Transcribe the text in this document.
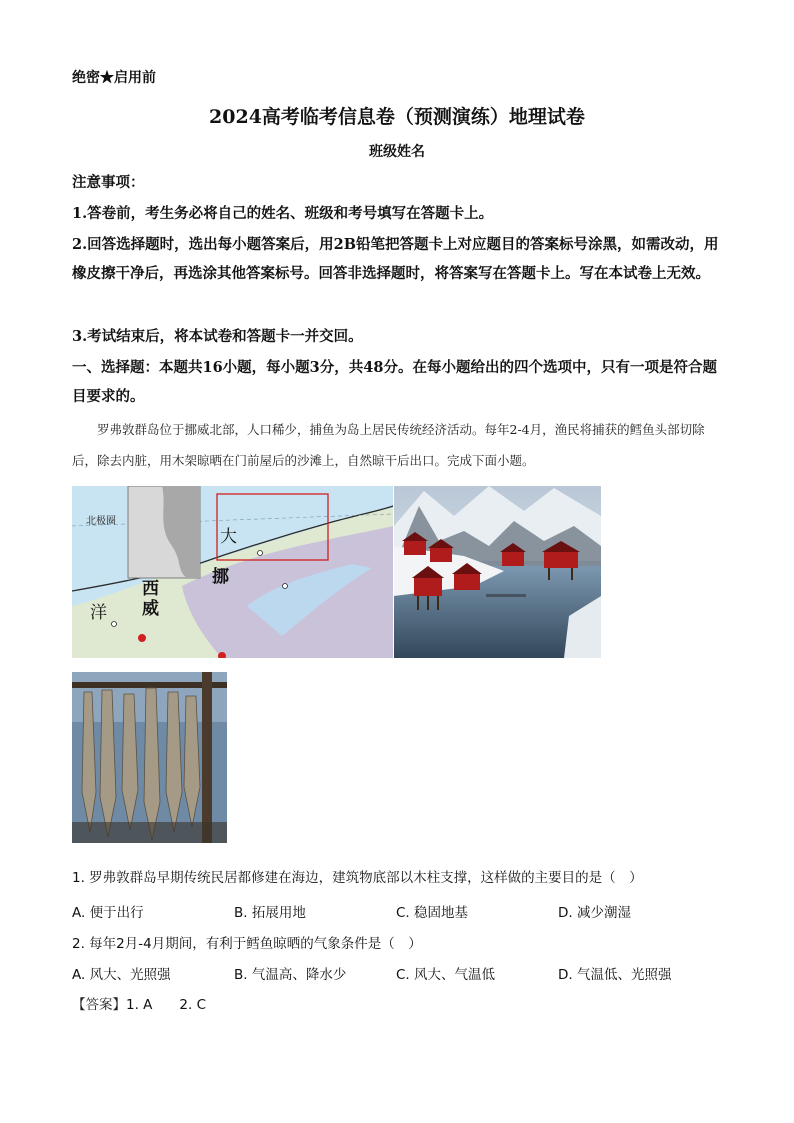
绝密★启用前
2024高考临考信息卷（预测演练）地理试卷
班级姓名
注意事项：
1.答卷前，考生务必将自己的姓名、班级和考号填写在答题卡上。
2.回答选择题时，选出每小题答案后，用2B铅笔把答题卡上对应题目的答案标号涂黑，如需改动，用橡皮擦干净后，再选涂其他答案标号。回答非选择题时，将答案写在答题卡上。写在本试卷上无效。
3.考试结束后，将本试卷和答题卡一并交回。
一、选择题：本题共16小题，每小题3分，共48分。在每小题给出的四个选项中，只有一项是符合题目要求的。
罗弗敦群岛位于挪威北部，人口稀少，捕鱼为岛上居民传统经济活动。每年2-4月，渔民将捕获的鳕鱼头部切除后，除去内脏，用木架晾晒在门前屋后的沙滩上，自然晾干后出口。完成下面小题。
北极圈
大
挪
西
威
洋
1. 罗弗敦群岛早期传统民居都修建在海边，建筑物底部以木柱支撑，这样做的主要目的是（　）
A. 便于出行	B. 拓展用地	C. 稳固地基	D. 减少潮湿
2. 每年2月-4月期间，有利于鳕鱼晾晒的气象条件是（　）
A. 风大、光照强	B. 气温高、降水少	C. 风大、气温低	D. 气温低、光照强
【答案】1. A　　2. C
